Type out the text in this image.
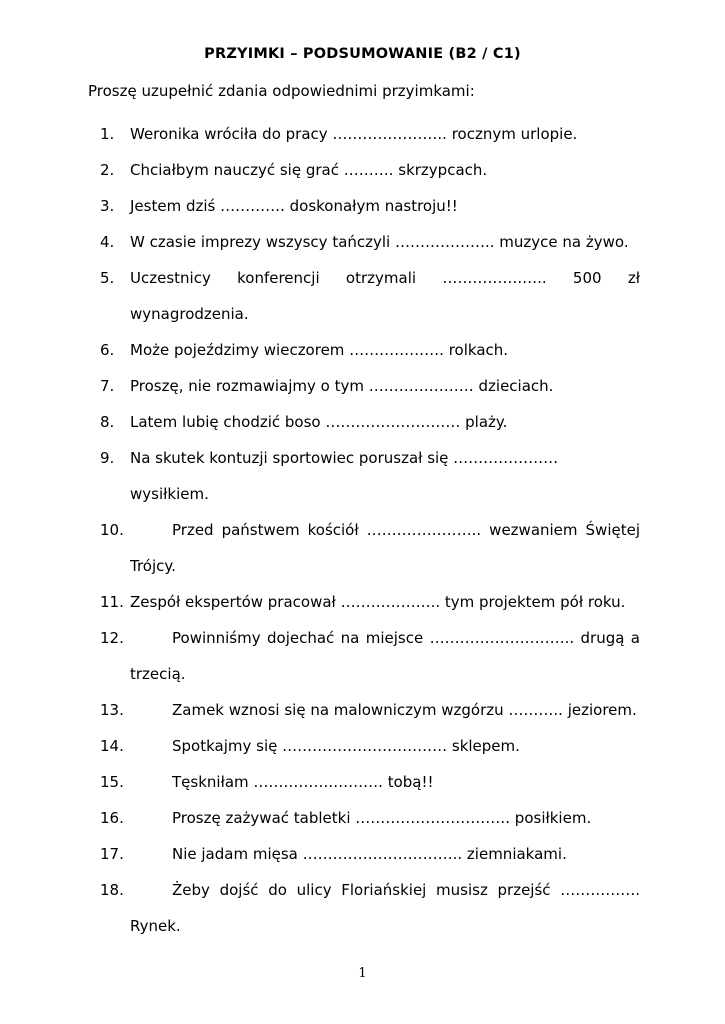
PRZYIMKI – PODSUMOWANIE (B2 / C1)
Proszę uzupełnić zdania odpowiednimi przyimkami:
1. Weronika wróciła do pracy ………………….. rocznym urlopie.
2. Chciałbym nauczyć się grać ………. skrzypcach.
3. Jestem dziś …………. doskonałym nastroju!!
4. W czasie imprezy wszyscy tańczyli ……………….. muzyce na żywo.
5. Uczestnicy konferencji otrzymali …………….….. 500 zł
wynagrodzenia.
6. Może pojeździmy wieczorem ………………. rolkach.
7. Proszę, nie rozmawiajmy o tym ………………… dzieciach.
8. Latem lubię chodzić boso ……………………… plaży.
9. Na skutek kontuzji sportowiec poruszał się ………………… wysiłkiem.
10.	Przed państwem kościół ………………….. wezwaniem Świętej
Trójcy.
11. Zespół ekspertów pracował ……………….. tym projektem pół roku.
12.	Powinniśmy dojechać na miejsce ……………………….. drugą a
trzecią.
13.	Zamek wznosi się na malowniczym wzgórzu ……….. jeziorem.
14.	Spotkajmy się …………………………… sklepem.
15.	Tęskniłam …………….………. tobą!!
16.	Proszę zażywać tabletki …………………………. posiłkiem.
17.	Nie jadam mięsa ………………………….. ziemniakami.
18.	Żeby dojść do ulicy Floriańskiej musisz przejść …………….
Rynek.
1
